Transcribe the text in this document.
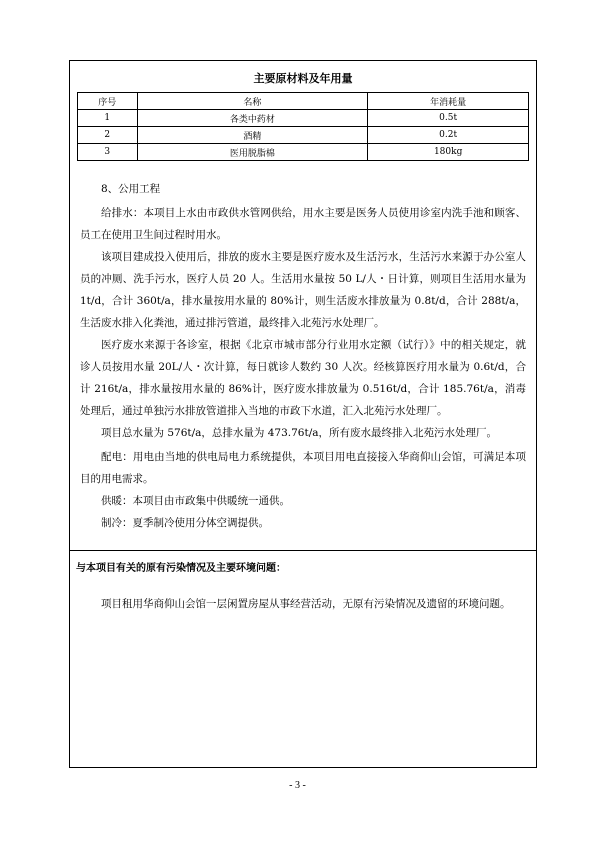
主要原材料及年用量
序号	名称	年消耗量
1	各类中药材	0.5t
2	酒精	0.2t
3	医用脱脂棉	180kg
8、公用工程
给排水：本项目上水由市政供水管网供给，用水主要是医务人员使用诊室内洗手池和顾客、员工在使用卫生间过程时用水。
该项目建成投入使用后，排放的废水主要是医疗废水及生活污水，生活污水来源于办公室人员的冲厕、洗手污水，医疗人员 20 人。生活用水量按 50 L/人・日计算，则项目生活用水量为 1t/d，合计 360t/a，排水量按用水量的 80%计，则生活废水排放量为 0.8t/d，合计 288t/a，生活废水排入化粪池，通过排污管道，最终排入北苑污水处理厂。
医疗废水来源于各诊室，根据《北京市城市部分行业用水定额（试行）》中的相关规定，就诊人员按用水量 20L/人・次计算，每日就诊人数约 30 人次。经核算医疗用水量为 0.6t/d，合计 216t/a，排水量按用水量的 86%计，医疗废水排放量为 0.516t/d，合计 185.76t/a，消毒处理后，通过单独污水排放管道排入当地的市政下水道，汇入北苑污水处理厂。
项目总水量为 576t/a，总排水量为 473.76t/a，所有废水最终排入北苑污水处理厂。
配电：用电由当地的供电局电力系统提供，本项目用电直接接入华商仰山会馆，可满足本项目的用电需求。
供暖：本项目由市政集中供暖统一通供。
制冷：夏季制冷使用分体空调提供。
与本项目有关的原有污染情况及主要环境问题：
项目租用华商仰山会馆一层闲置房屋从事经营活动，无原有污染情况及遗留的环境问题。
- 3 -
